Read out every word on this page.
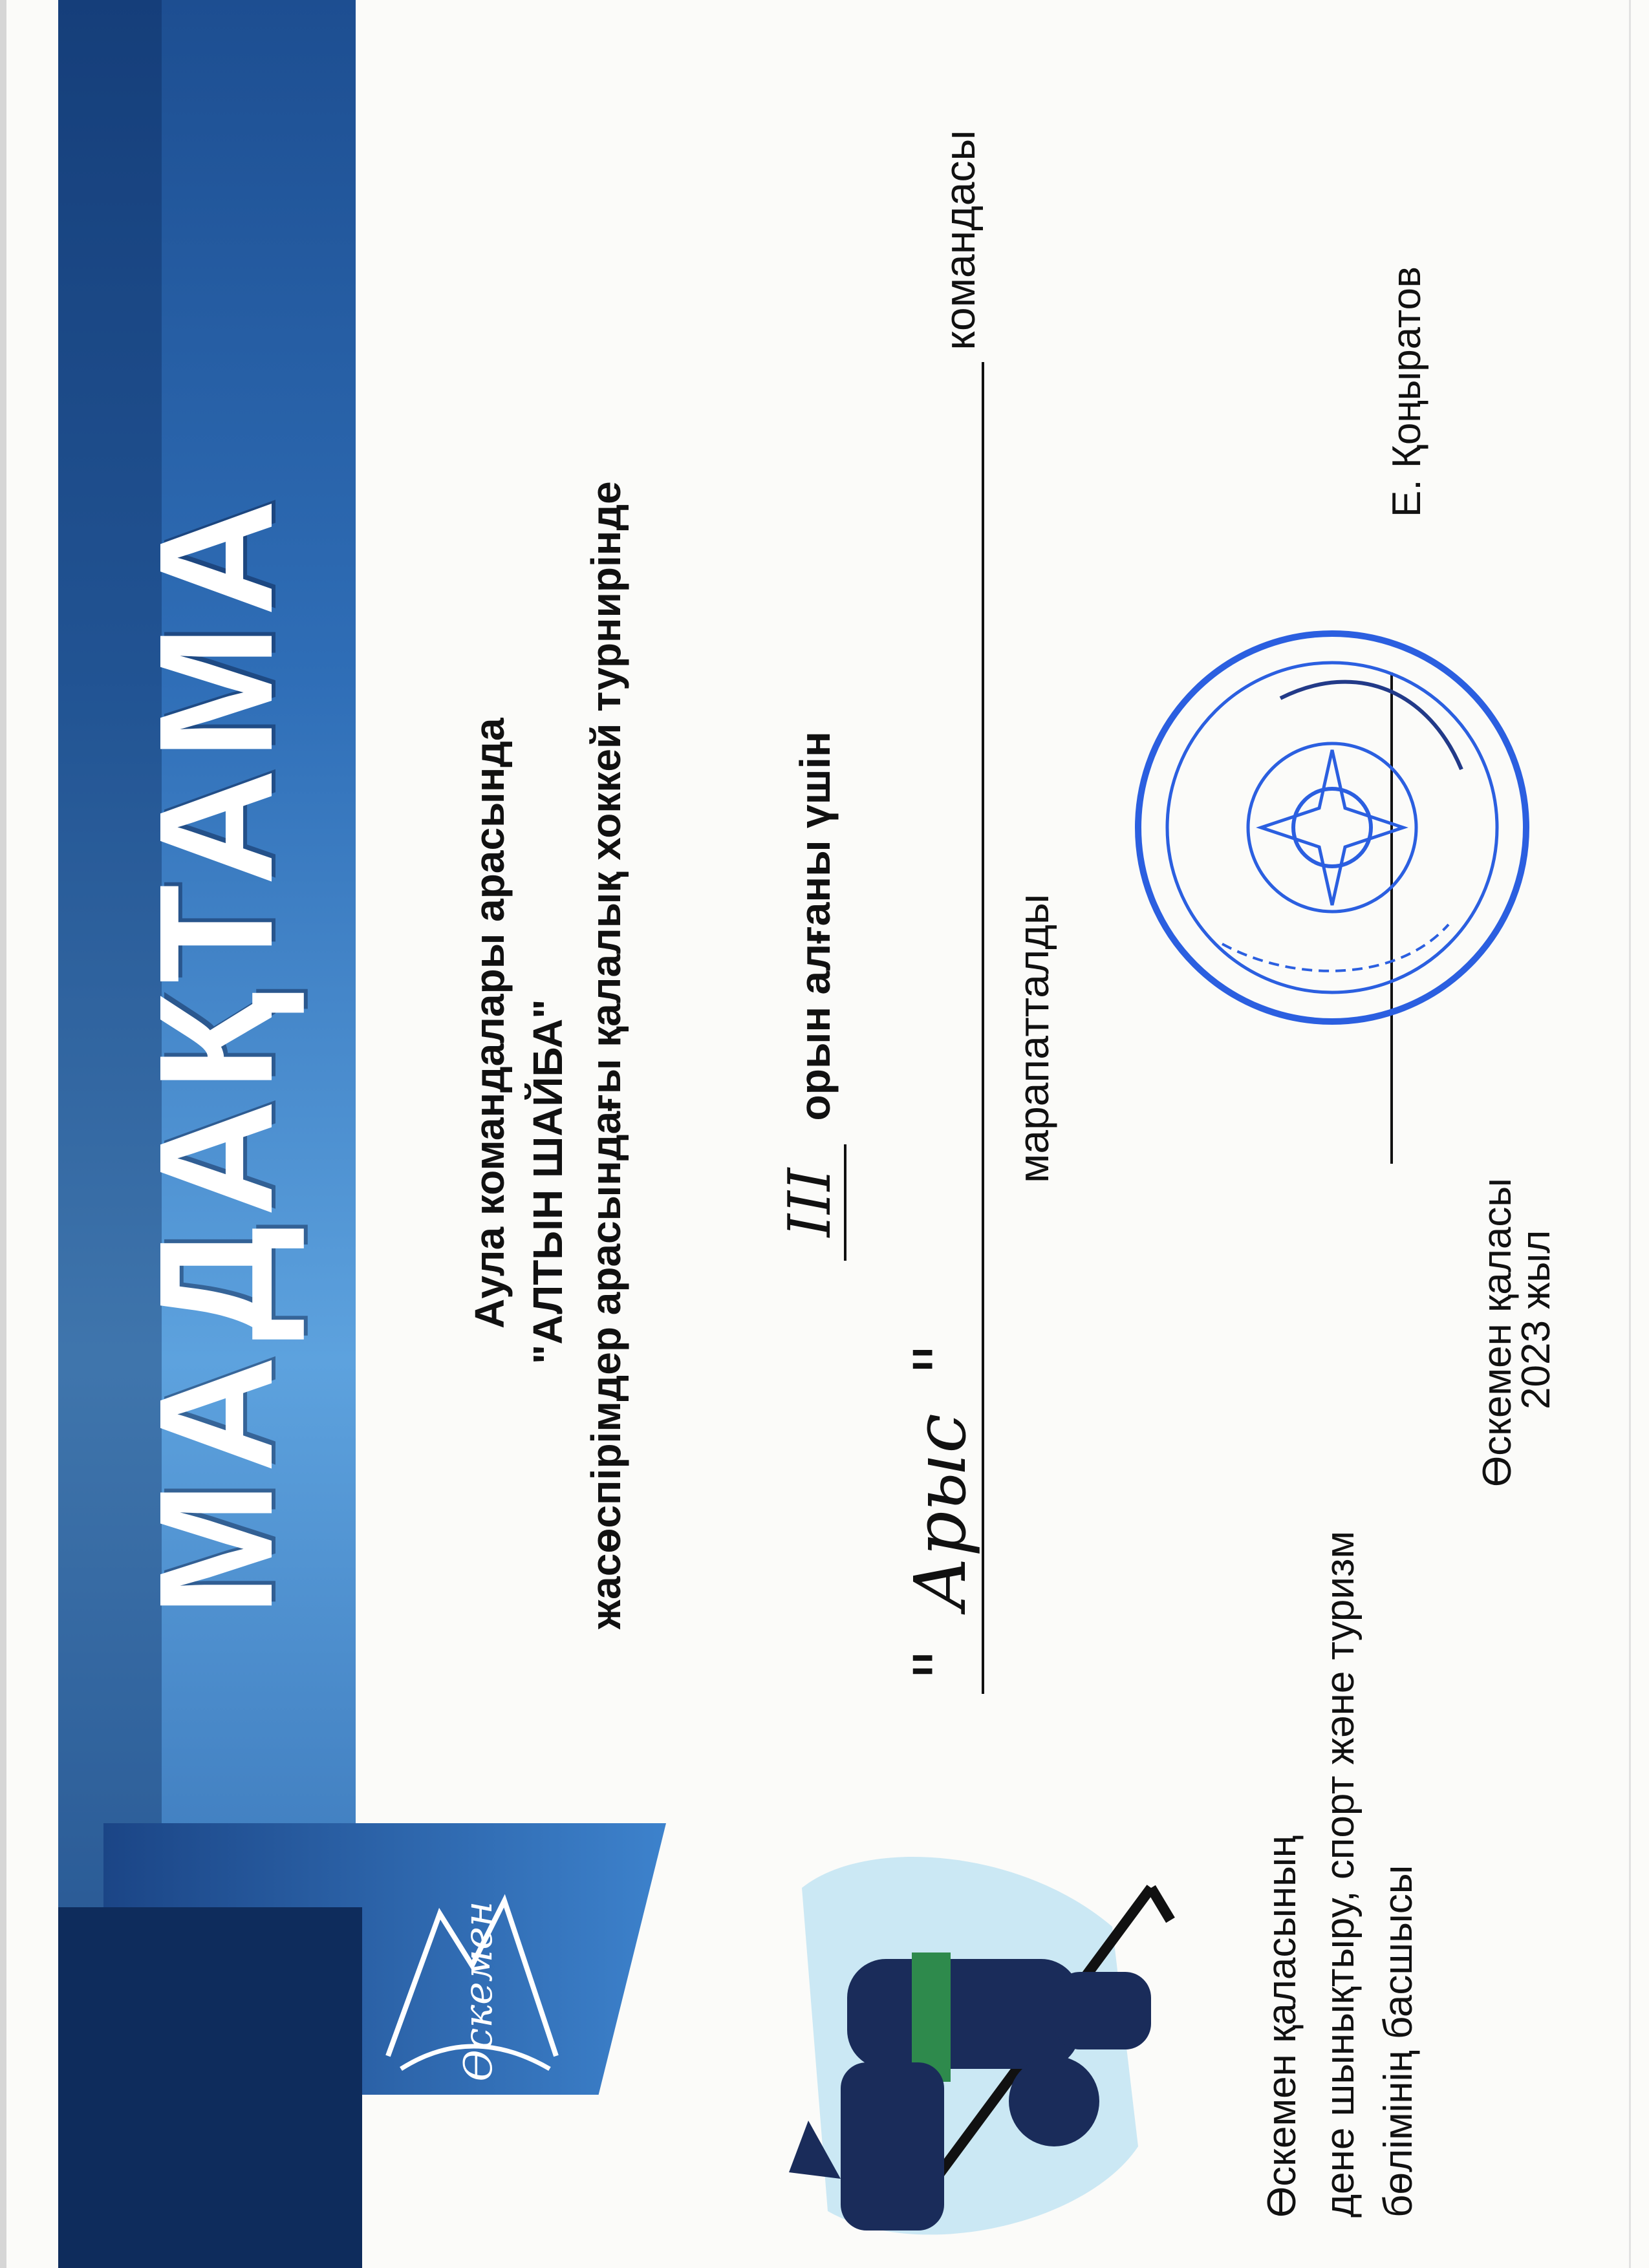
Өскемен
МАДАҚТАМА	Аула командалары арасында "АЛТЫН ШАЙБА" жасөспірімдер арасындағы қалалық хоккей турнирінде	III орын алғаны үшін
" Арыс " командасы
марапатталды
Өскемен қаласының дене шынықтыру, спорт және туризм бөлімінің басшысы
Е. Қоңыратов
Өскемен қаласы
2023 жыл
